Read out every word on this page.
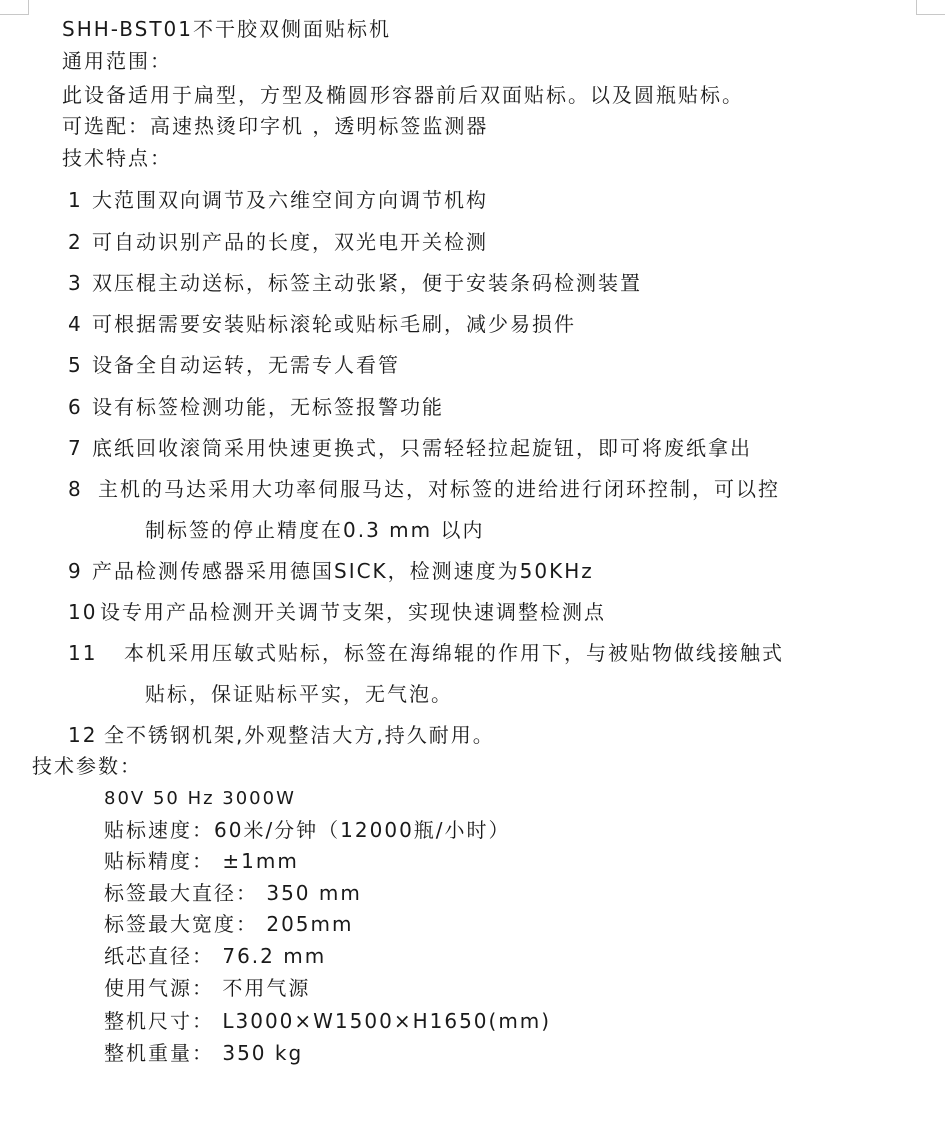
SHH-BST01不干胶双侧面贴标机
通用范围：
此设备适用于扁型，方型及椭圆形容器前后双面贴标。以及圆瓶贴标。
可选配：高速热烫印字机 ，透明标签监测器
技术特点：
1 大范围双向调节及六维空间方向调节机构
2 可自动识别产品的长度，双光电开关检测
3 双压棍主动送标，标签主动张紧，便于安装条码检测装置
4 可根据需要安装贴标滚轮或贴标毛刷，减少易损件
5 设备全自动运转，无需专人看管
6 设有标签检测功能，无标签报警功能
7 底纸回收滚筒采用快速更换式，只需轻轻拉起旋钮，即可将废纸拿出
8 主机的马达采用大功率伺服马达，对标签的进给进行闭环控制，可以控
制标签的停止精度在0.3 mm 以内
9 产品检测传感器采用德国SICK，检测速度为50KHz
10 设专用产品检测开关调节支架，实现快速调整检测点
11 本机采用压敏式贴标，标签在海绵辊的作用下，与被贴物做线接触式
贴标，保证贴标平实，无气泡。
12 全不锈钢机架,外观整洁大方,持久耐用。
技术参数：
80V 50 Hz 3000W
贴标速度：60米/分钟（12000瓶/小时）
贴标精度： ±1mm
标签最大直径： 350 mm
标签最大宽度： 205mm
纸芯直径： 76.2 mm
使用气源： 不用气源
整机尺寸： L3000×W1500×H1650(mm)
整机重量： 350 kg
